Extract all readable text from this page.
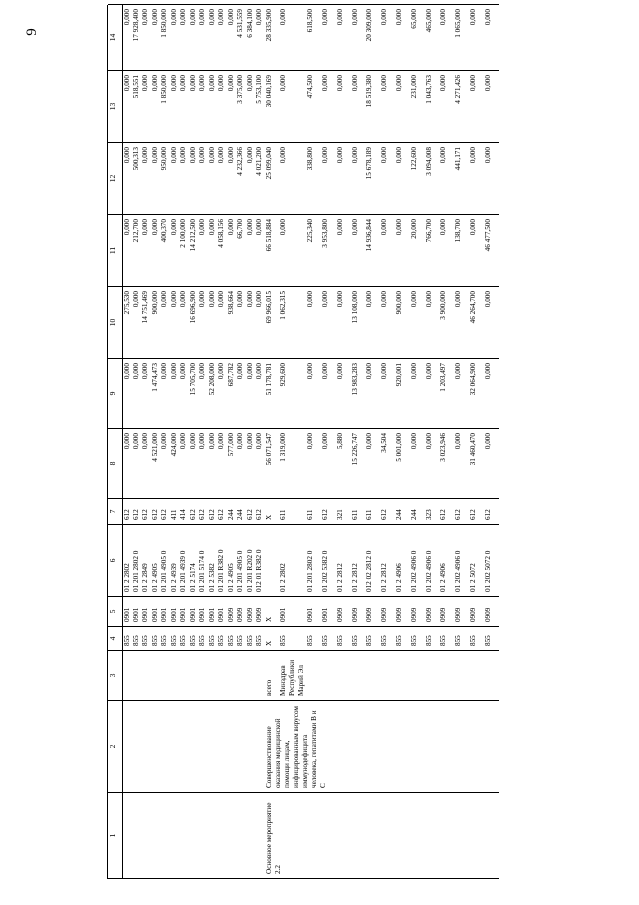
9
1	2	3	4	5	6	7	8	9	10	11	12	13	14
			855	0901	01 2 2802	612	0,000	0,000	275,530	0,000	0,000	0,000	0,000
			855	0901	01 201 2802 0	612	0,000	0,000	0,000	212,700	500,313	518,551	17 928,400
			855	0901	01 2 2849	612	0,000	0,000	14 751,469	0,000	0,000	0,000	0,000
			855	0901	01 2 4905	612	4 521,000	1 474,473	900,000	0,000	0,000	0,000	0,000
			855	0901	01 201 4905 0	612	0,000	0,000	0,000	400,370	950,000	1 850,000	1 850,000
			855	0901	01 2 4939	411	424,000	0,000	0,000	0,000	0,000	0,000	0,000
			855	0901	01 201 4939 0	414	0,000	0,000	0,000	2 100,000	0,000	0,000	0,000
			855	0901	01 2 5174	612	0,000	15 705,700	16 696,900	14 212,500	0,000	0,000	0,000
			855	0901	01 201 5174 0	612	0,000	0,000	0,000	0,000	0,000	0,000	0,000
			855	0901	01 2 5382	612	0,000	52 208,000	0,000	0,000	0,000	0,000	0,000
			855	0901	01 201 R382 0	612	0,000	0,000	0,000	4 058,156	0,000	0,000	0,000
			855	0909	01 2 4905	244	577,000	687,782	938,664	0,000	0,000	0,000	0,000
			855	0909	01 201 4905 0	244	0,000	0,000	0,000	66,700	4 232,366	3 375,000	4 531,559
			855	0909	01 201 R202 0	612	0,000	0,000	0,000	0,000	0,000	0,000	6 384,100
			855	0909	012 01 R382 0	612	0,000	0,000	0,000	0,000	4 021,200	5 753,100	0,000
Основное мероприятие 2.2	Совершенствование оказания медицинской помощи лицам, инфицированным вирусом иммунодефицита человека, гепатитами В и С	всего	X	X		X	56 071,547	51 178,781	69 966,015	66 518,884	25 099,040	30 040,169	28 335,900
		Минздрав Республики Марий Эл	855	0901	01 2 2802	611	1 319,000	929,600	1 062,315	0,000	0,000	0,000	0,000
			855	0901	01 201 2802 0	611	0,000	0,000	0,000	225,340	338,800	474,500	618,500
			855	0901	01 202 5382 0	612	0,000	0,000	0,000	3 953,800	0,000	0,000	0,000
			855	0909	01 2 2812	321	5,880	0,000	0,000	0,000	0,000	0,000	0,000
			855	0909	01 2 2812	611	15 226,747	13 983,283	13 108,000	0,000	0,000	0,000	0,000
			855	0909	012 02 2812 0	611	0,000	0,000	0,000	14 936,844	15 678,189	18 519,380	20 309,000
			855	0909	01 2 2812	612	34,504	0,000	0,000	0,000	0,000	0,000	0,000
			855	0909	01 2 4906	244	5 001,000	920,001	900,000	0,000	0,000	0,000	0,000
			855	0909	01 202 4906 0	244	0,000	0,000	0,000	20,000	122,600	231,000	65,000
			855	0909	01 202 4906 0	323	0,000	0,000	0,000	766,700	3 094,008	1 043,763	465,000
			855	0909	01 2 4906	612	3 023,946	1 203,497	3 900,000	0,000	0,000	0,000	0,000
			855	0909	01 202 4906 0	612	0,000	0,000	0,000	138,700	441,171	4 271,426	1 065,000
			855	0909	01 2 5072	612	31 460,470	32 064,900	46 264,700	0,000	0,000	0,000	0,000
			855	0909	01 202 5072 0	612	0,000	0,000	0,000	46 477,500	0,000	0,000	0,000
